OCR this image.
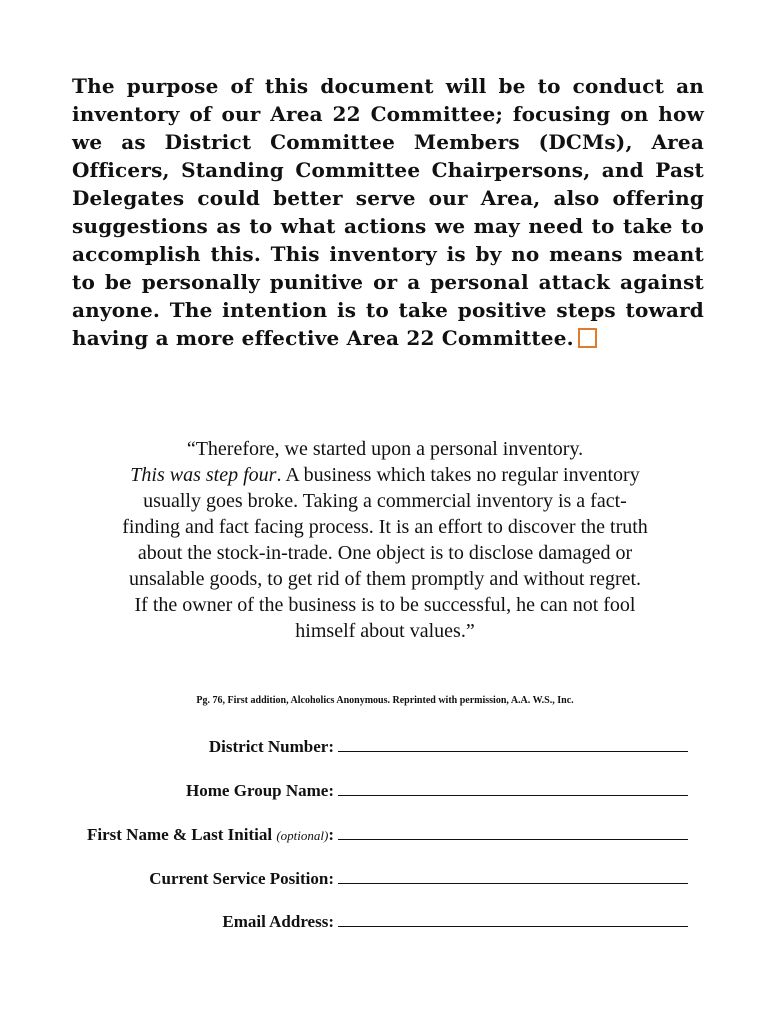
The purpose of this document will be to conduct an inventory of our Area 22 Committee; focusing on how we as District Committee Members (DCMs), Area Officers, Standing Committee Chairpersons, and Past Delegates could better serve our Area, also offering suggestions as to what actions we may need to take to accomplish this. This inventory is by no means meant to be personally punitive or a personal attack against anyone. The intention is to take positive steps toward having a more effective Area 22 Committee.
“Therefore, we started upon a personal inventory.
This was step four. A business which takes no regular inventory usually goes broke. Taking a commercial inventory is a fact-finding and fact facing process. It is an effort to discover the truth about the stock-in-trade. One object is to disclose damaged or unsalable goods, to get rid of them promptly and without regret. If the owner of the business is to be successful, he can not fool himself about values.”
Pg. 76, First addition, Alcoholics Anonymous. Reprinted with permission, A.A. W.S., Inc.
District Number:
Home Group Name:
First Name & Last Initial (optional):
Current Service Position:
Email Address:
